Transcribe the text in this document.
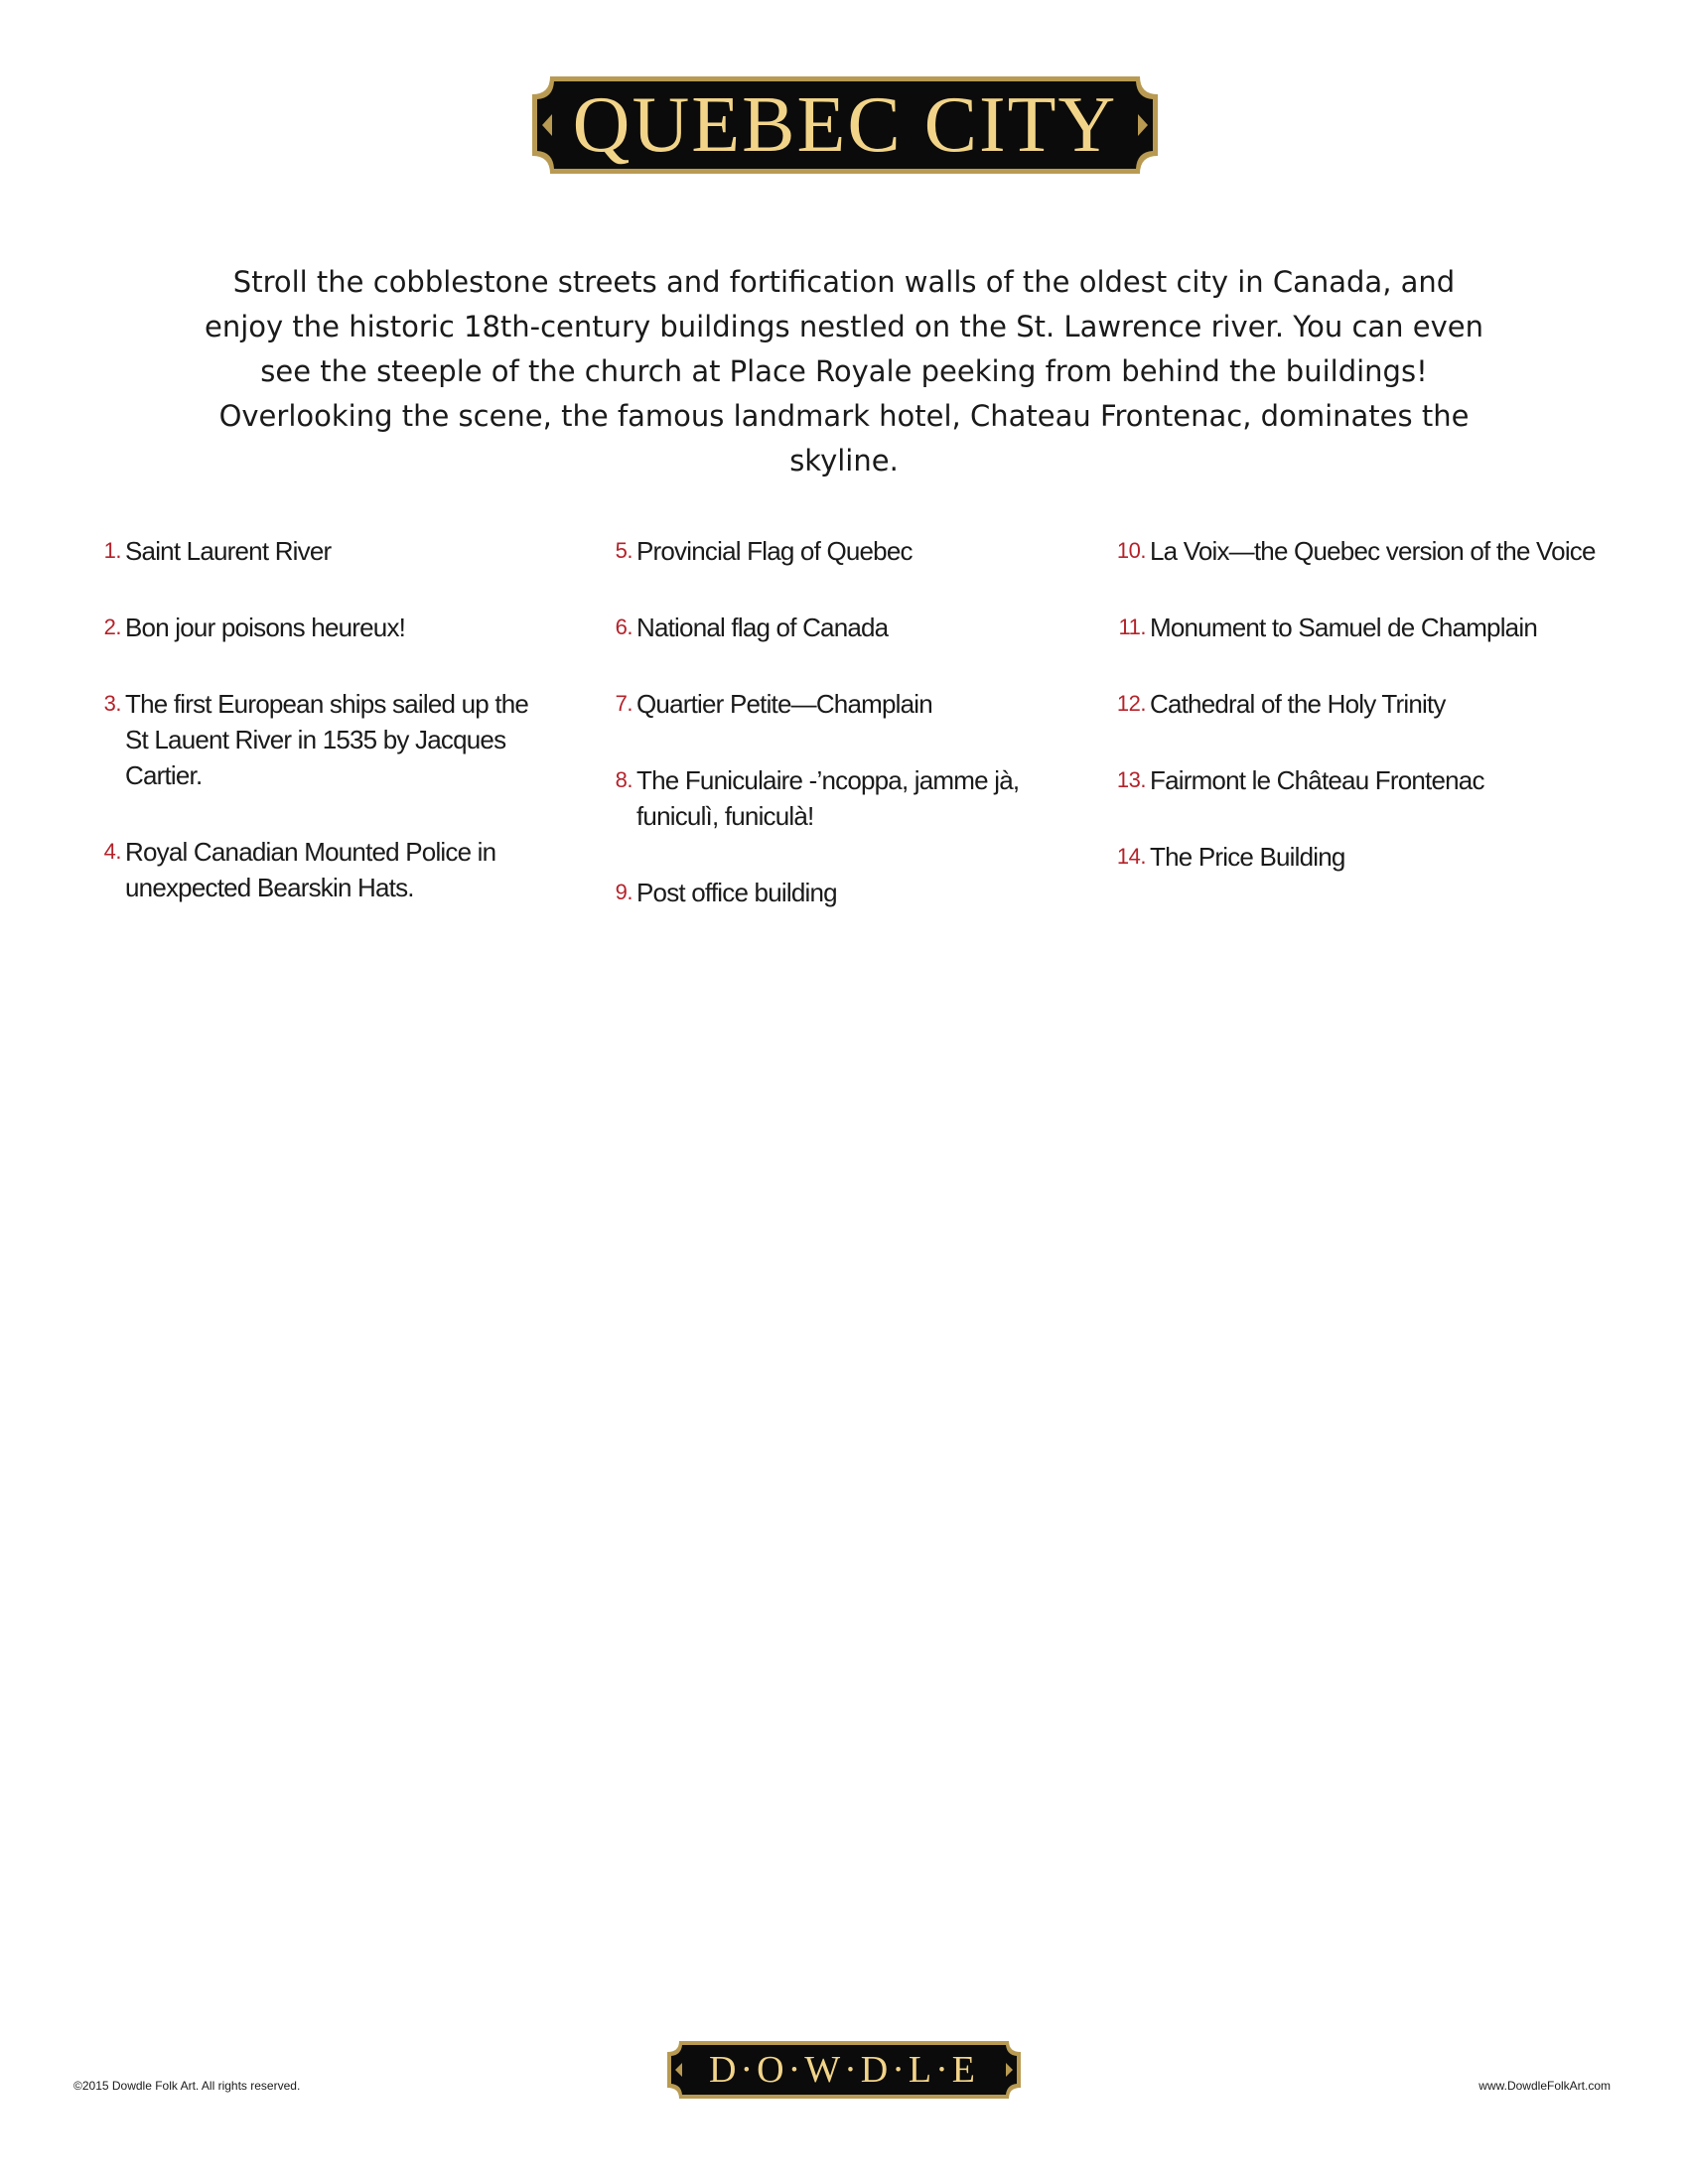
QUEBEC CITY

Stroll the cobblestone streets and fortification walls of the oldest city in Canada, and enjoy the historic 18th-century buildings nestled on the St. Lawrence river. You can even see the steeple of the church at Place Royale peeking from behind the buildings! Overlooking the scene, the famous landmark hotel, Chateau Frontenac, dominates the skyline.

1. Saint Laurent River
2. Bon jour poisons heureux!
3. The first European ships sailed up the St Lauent River in 1535 by Jacques Cartier.
4. Royal Canadian Mounted Police in unexpected Bearskin Hats.
5. Provincial Flag of Quebec
6. National flag of Canada
7. Quartier Petite—Champlain
8. The Funiculaire -’ncoppa, jamme jà, funiculì, funiculà!
9. Post office building
10. La Voix—the Quebec version of the Voice
11. Monument to Samuel de Champlain
12. Cathedral of the Holy Trinity
13. Fairmont le Château Frontenac
14. The Price Building
©2015 Dowdle Folk Art. All rights reserved.	D·O·W·D·L·E	www.DowdleFolkArt.com
